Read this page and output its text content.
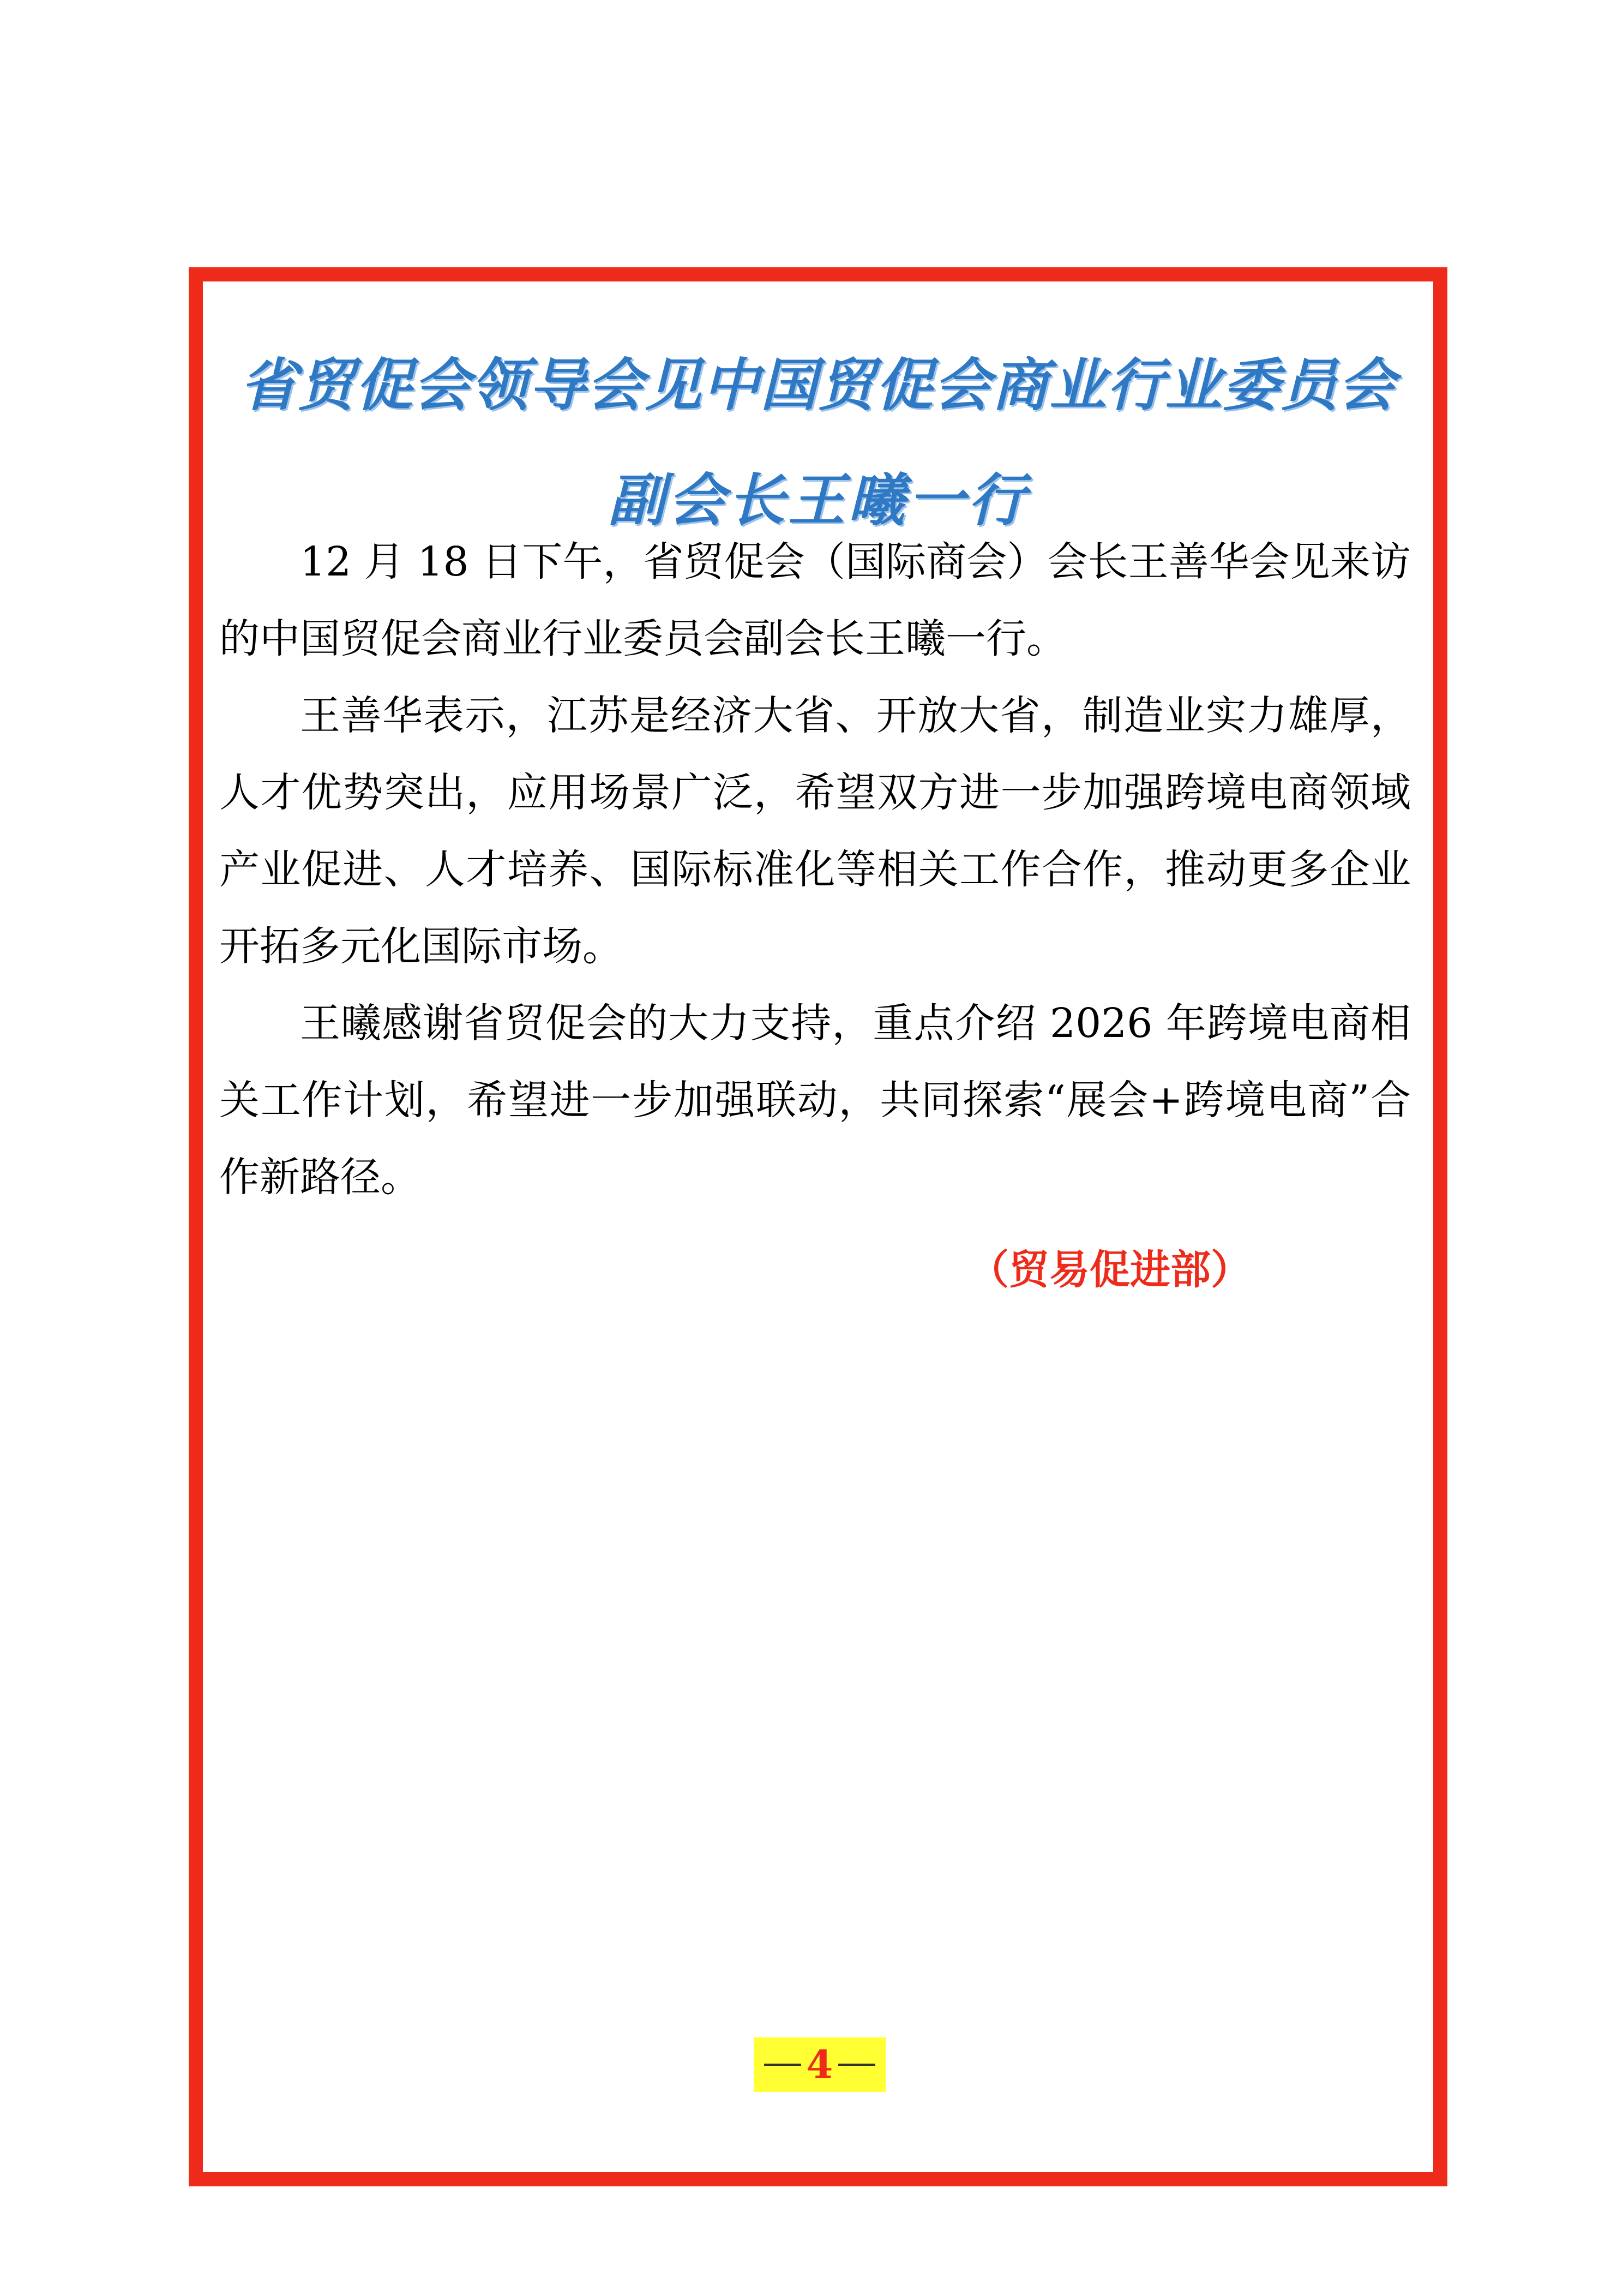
省贸促会领导会见中国贸促会商业行业委员会
副会长王曦一行

12 月 18 日下午，省贸促会（国际商会）会长王善华会见来访的中国贸促会商业行业委员会副会长王曦一行。

王善华表示，江苏是经济大省、开放大省，制造业实力雄厚，人才优势突出，应用场景广泛，希望双方进一步加强跨境电商领域产业促进、人才培养、国际标准化等相关工作合作，推动更多企业开拓多元化国际市场。

王曦感谢省贸促会的大力支持，重点介绍 2026 年跨境电商相关工作计划，希望进一步加强联动，共同探索“展会+跨境电商”合作新路径。

（贸易促进部）
4
